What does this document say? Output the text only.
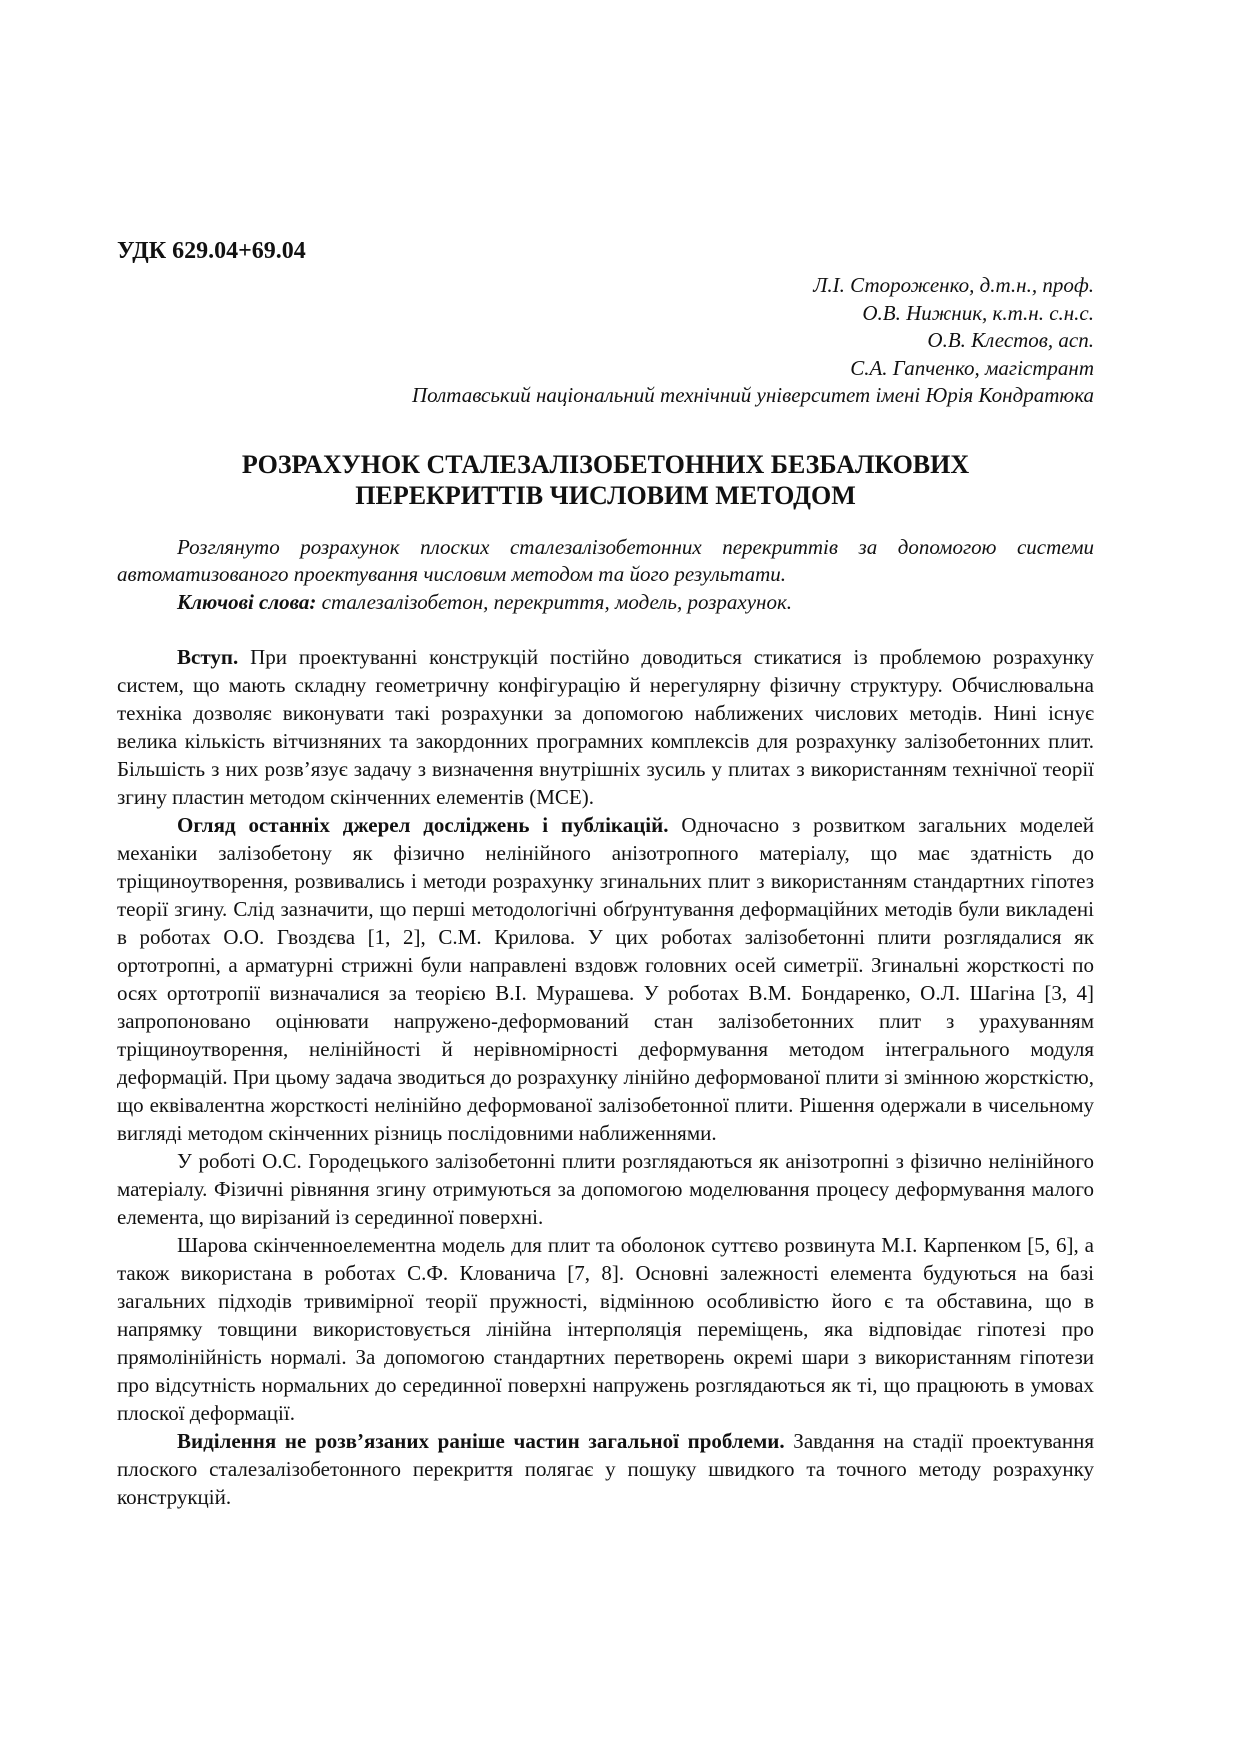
УДК 629.04+69.04
Л.І. Стороженко, д.т.н., проф.
О.В. Нижник, к.т.н. с.н.с.
О.В. Клестов, асп.
С.А. Гапченко, магістрант
Полтавський національний технічний університет імені Юрія Кондратюка
РОЗРАХУНОК СТАЛЕЗАЛІЗОБЕТОННИХ БЕЗБАЛКОВИХ
ПЕРЕКРИТТІВ ЧИСЛОВИМ МЕТОДОМ

Розглянуто розрахунок плоских сталезалізобетонних перекриттів за допомогою системи автоматизованого проектування числовим методом та його результати.

Ключові слова: сталезалізобетон, перекриття, модель, розрахунок.

Вступ. При проектуванні конструкцій постійно доводиться стикатися із проблемою розрахунку систем, що мають складну геометричну конфігурацію й нерегулярну фізичну структуру. Обчислювальна техніка дозволяє виконувати такі розрахунки за допомогою наближених числових методів. Нині існує велика кількість вітчизняних та закордонних програмних комплексів для розрахунку залізобетонних плит. Більшість з них розв’язує задачу з визначення внутрішніх зусиль у плитах з використанням технічної теорії згину пластин методом скінченних елементів (МСЕ).

Огляд останніх джерел досліджень і публікацій. Одночасно з розвитком загальних моделей механіки залізобетону як фізично нелінійного анізотропного матеріалу, що має здатність до тріщиноутворення, розвивались і методи розрахунку згинальних плит з використанням стандартних гіпотез теорії згину. Слід зазначити, що перші методологічні обґрунтування деформаційних методів були викладені в роботах О.О. Гвоздєва [1, 2], С.М. Крилова. У цих роботах залізобетонні плити розглядалися як ортотропні, а арматурні стрижні були направлені вздовж головних осей симетрії. Згинальні жорсткості по осях ортотропії визначалися за теорією В.І. Мурашева. У роботах В.М. Бондаренко, О.Л. Шагіна [3, 4] запропоновано оцінювати напружено-деформований стан залізобетонних плит з урахуванням тріщиноутворення, нелінійності й нерівномірності деформування методом інтегрального модуля деформацій. При цьому задача зводиться до розрахунку лінійно деформованої плити зі змінною жорсткістю, що еквівалентна жорсткості нелінійно деформованої залізобетонної плити. Рішення одержали в чисельному вигляді методом скінченних різниць послідовними наближеннями.

У роботі О.С. Городецького залізобетонні плити розглядаються як анізотропні з фізично нелінійного матеріалу. Фізичні рівняння згину отримуються за допомогою моделювання процесу деформування малого елемента, що вирізаний із серединної поверхні.

Шарова скінченноелементна модель для плит та оболонок суттєво розвинута М.І. Карпенком [5, 6], а також використана в роботах С.Ф. Клованича [7, 8]. Основні залежності елемента будуються на базі загальних підходів тривимірної теорії пружності, відмінною особливістю його є та обставина, що в напрямку товщини використовується лінійна інтерполяція переміщень, яка відповідає гіпотезі про прямолінійність нормалі. За допомогою стандартних перетворень окремі шари з використанням гіпотези про відсутність нормальних до серединної поверхні напружень розглядаються як ті, що працюють в умовах плоскої деформації.

Виділення не розв’язаних раніше частин загальної проблеми. Завдання на стадії проектування плоского сталезалізобетонного перекриття полягає у пошуку швидкого та точного методу розрахунку конструкцій.
